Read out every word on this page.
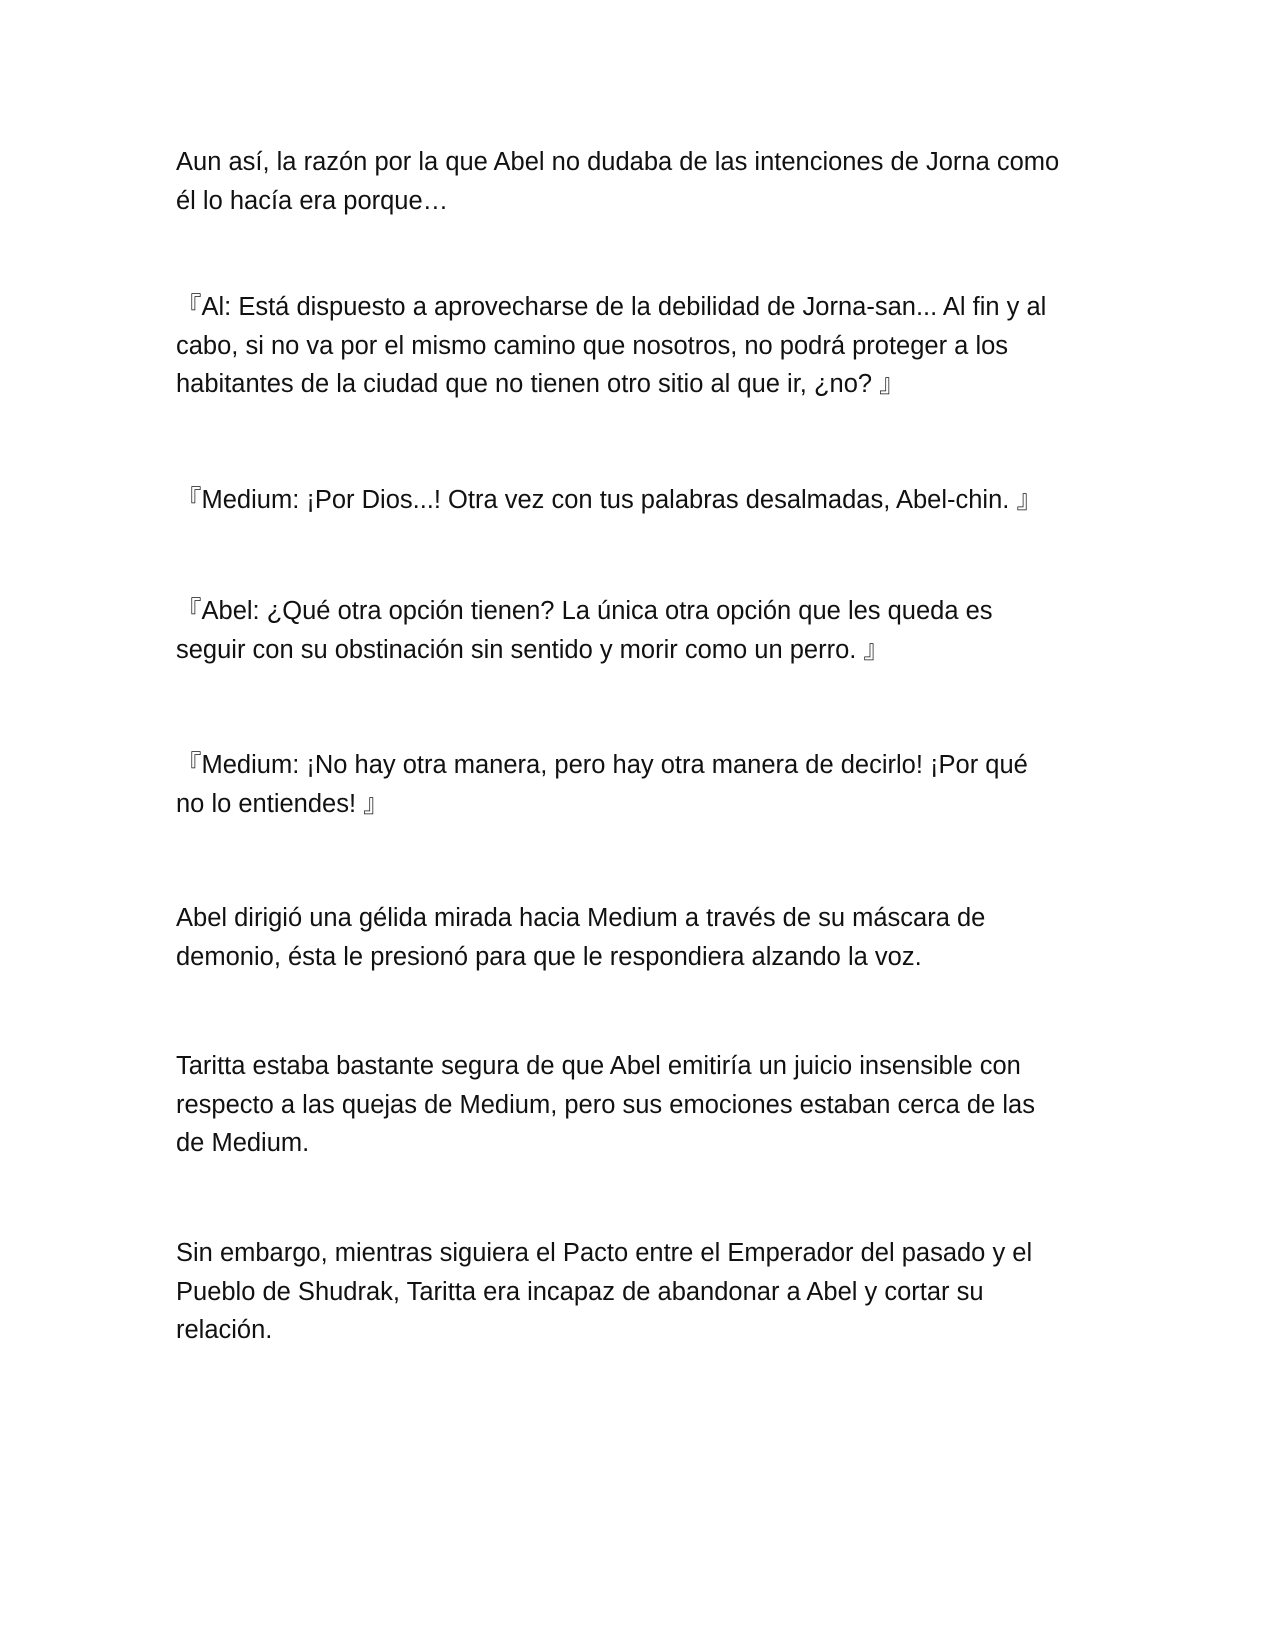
Aun así, la razón por la que Abel no dudaba de las intenciones de Jorna como
él lo hacía era porque…

『Al: Está dispuesto a aprovecharse de la debilidad de Jorna-san... Al fin y al
cabo, si no va por el mismo camino que nosotros, no podrá proteger a los
habitantes de la ciudad que no tienen otro sitio al que ir, ¿no? 』

『Medium: ¡Por Dios...! Otra vez con tus palabras desalmadas, Abel-chin. 』

『Abel: ¿Qué otra opción tienen? La única otra opción que les queda es
seguir con su obstinación sin sentido y morir como un perro. 』

『Medium: ¡No hay otra manera, pero hay otra manera de decirlo! ¡Por qué
no lo entiendes! 』

Abel dirigió una gélida mirada hacia Medium a través de su máscara de
demonio, ésta le presionó para que le respondiera alzando la voz.

Taritta estaba bastante segura de que Abel emitiría un juicio insensible con
respecto a las quejas de Medium, pero sus emociones estaban cerca de las
de Medium.

Sin embargo, mientras siguiera el Pacto entre el Emperador del pasado y el
Pueblo de Shudrak, Taritta era incapaz de abandonar a Abel y cortar su
relación.
